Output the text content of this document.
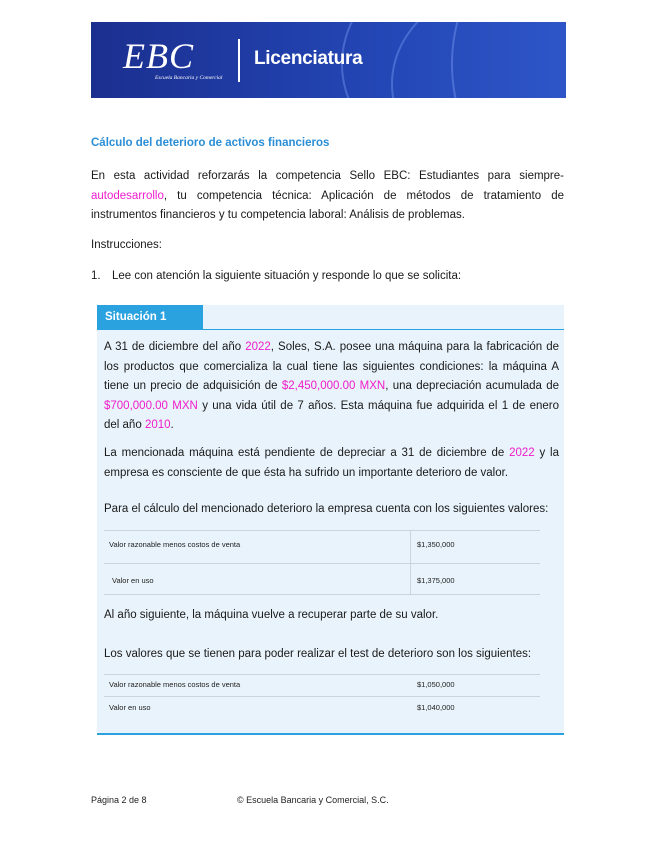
EBC
Escuela Bancaria y Comercial
Licenciatura
Cálculo del deterioro de activos financieros
En esta actividad reforzarás la competencia Sello EBC: Estudiantes para siempre-autodesarrollo, tu competencia técnica: Aplicación de métodos de tratamiento de instrumentos financieros y tu competencia laboral: Análisis de problemas.
Instrucciones:
1. Lee con atención la siguiente situación y responde lo que se solicita:
Situación 1
A 31 de diciembre del año 2022, Soles, S.A. posee una máquina para la fabricación de los productos que comercializa la cual tiene las siguientes condiciones: la máquina A tiene un precio de adquisición de $2,450,000.00 MXN, una depreciación acumulada de $700,000.00 MXN y una vida útil de 7 años. Esta máquina fue adquirida el 1 de enero del año 2010.
La mencionada máquina está pendiente de depreciar a 31 de diciembre de 2022 y la empresa es consciente de que ésta ha sufrido un importante deterioro de valor.
Para el cálculo del mencionado deterioro la empresa cuenta con los siguientes valores:
Valor razonable menos costos de venta	$1,350,000
Valor en uso	$1,375,000
Al año siguiente, la máquina vuelve a recuperar parte de su valor.
Los valores que se tienen para poder realizar el test de deterioro son los siguientes:
Valor razonable menos costos de venta	$1,050,000
Valor en uso	$1,040,000
Página 2 de 8	© Escuela Bancaria y Comercial, S.C.
